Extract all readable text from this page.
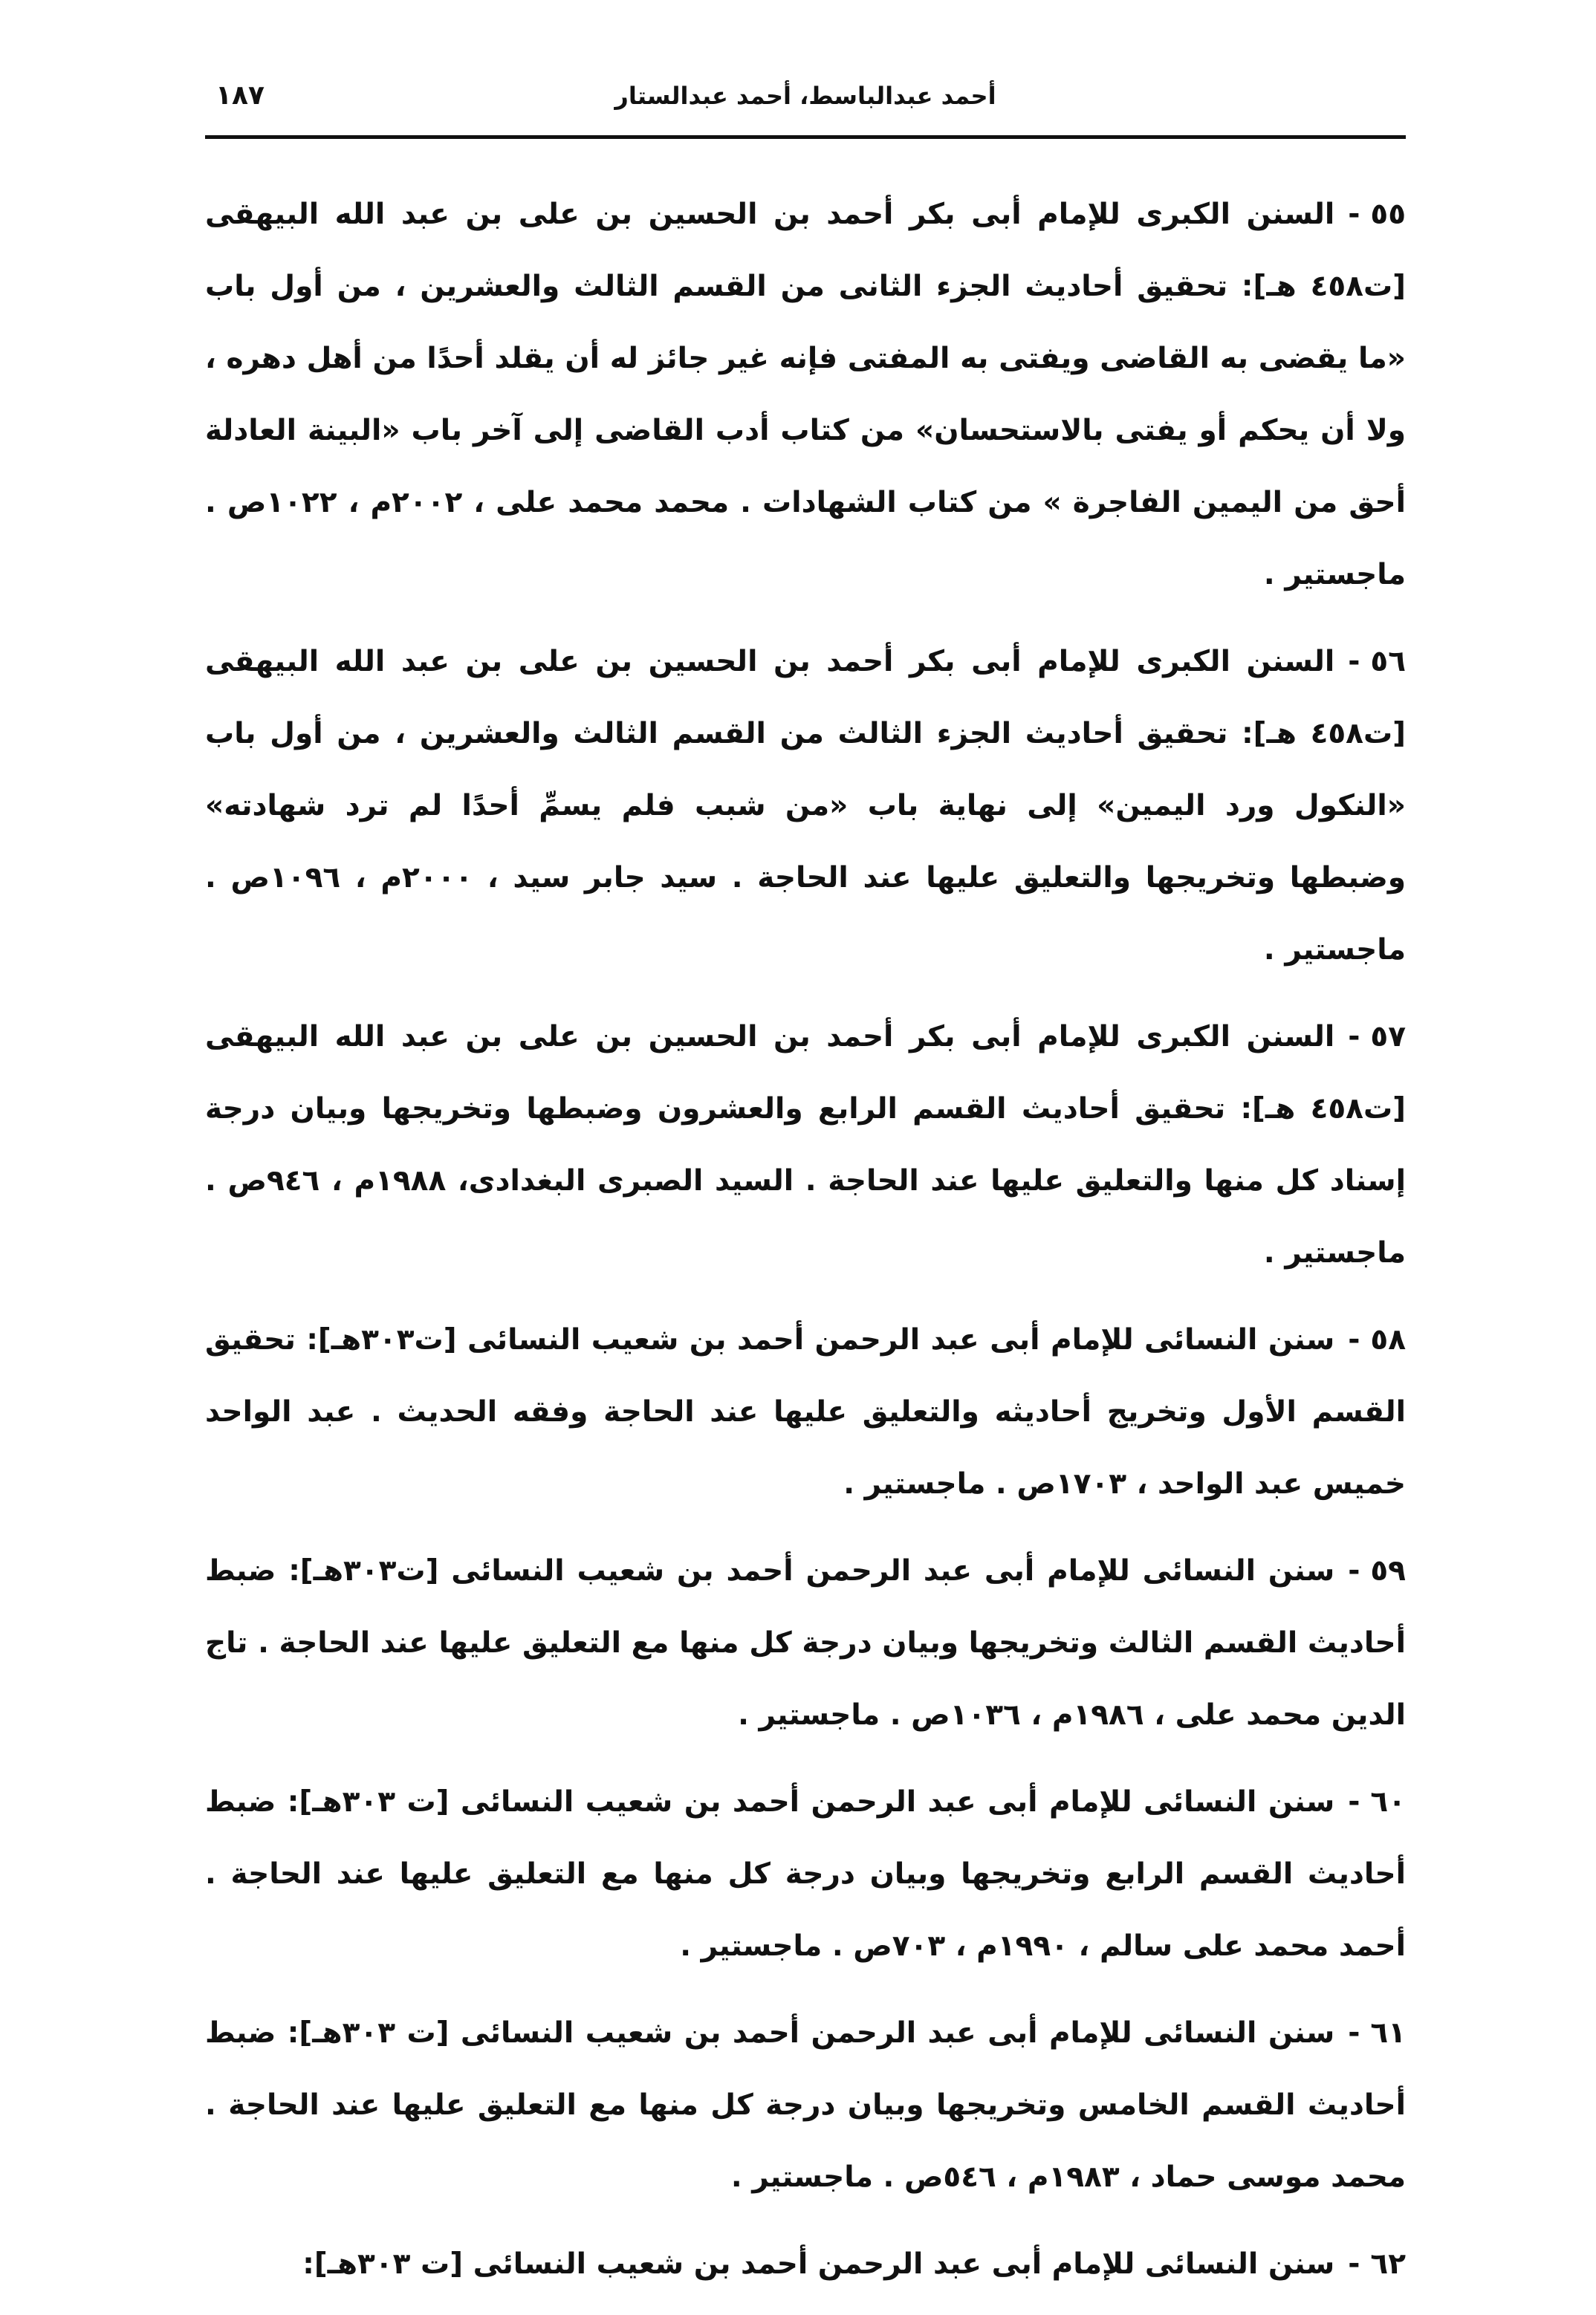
أحمد عبدالباسط، أحمد عبدالستار
١٨٧

٥٥-السنن الكبرى للإمام أبى بكر أحمد بن الحسين بن على بن عبد الله البيهقى [ت٤٥٨ هـ]: تحقيق أحاديث الجزء الثانى من القسم الثالث والعشرين ، من أول باب «ما يقضى به القاضى ويفتى به المفتى فإنه غير جائز له أن يقلد أحدًا من أهل دهره ، ولا أن يحكم أو يفتى بالاستحسان» من كتاب أدب القاضى إلى آخر باب «البينة العادلة أحق من اليمين الفاجرة » من كتاب الشهادات . محمد محمد على ، ٢٠٠٢م ، ١٠٢٢ص . ماجستير .

٥٦-السنن الكبرى للإمام أبى بكر أحمد بن الحسين بن على بن عبد الله البيهقى [ت٤٥٨ هـ]: تحقيق أحاديث الجزء الثالث من القسم الثالث والعشرين ، من أول باب «النكول ورد اليمين» إلى نهاية باب «من شبب فلم يسمِّ أحدًا لم ترد شهادته» وضبطها وتخريجها والتعليق عليها عند الحاجة . سيد جابر سيد ، ٢٠٠٠م ، ١٠٩٦ص . ماجستير .

٥٧-السنن الكبرى للإمام أبى بكر أحمد بن الحسين بن على بن عبد الله البيهقى [ت٤٥٨ هـ]: تحقيق أحاديث القسم الرابع والعشرون وضبطها وتخريجها وبيان درجة إسناد كل منها والتعليق عليها عند الحاجة . السيد الصبرى البغدادى، ١٩٨٨م ، ٩٤٦ص . ماجستير .

٥٨-سنن النسائى للإمام أبى عبد الرحمن أحمد بن شعيب النسائى [ت٣٠٣هـ]: تحقيق القسم الأول وتخريج أحاديثه والتعليق عليها عند الحاجة وفقه الحديث . عبد الواحد خميس عبد الواحد ، ١٧٠٣ص . ماجستير .

٥٩-سنن النسائى للإمام أبى عبد الرحمن أحمد بن شعيب النسائى [ت٣٠٣هـ]: ضبط أحاديث القسم الثالث وتخريجها وبيان درجة كل منها مع التعليق عليها عند الحاجة . تاج الدين محمد على ، ١٩٨٦م ، ١٠٣٦ص . ماجستير .

٦٠-سنن النسائى للإمام أبى عبد الرحمن أحمد بن شعيب النسائى [ت ٣٠٣هـ]: ضبط أحاديث القسم الرابع وتخريجها وبيان درجة كل منها مع التعليق عليها عند الحاجة . أحمد محمد على سالم ، ١٩٩٠م ، ٧٠٣ص . ماجستير .

٦١-سنن النسائى للإمام أبى عبد الرحمن أحمد بن شعيب النسائى [ت ٣٠٣هـ]: ضبط أحاديث القسم الخامس وتخريجها وبيان درجة كل منها مع التعليق عليها عند الحاجة . محمد موسى حماد ، ١٩٨٣م ، ٥٤٦ص . ماجستير .

٦٢-سنن النسائى للإمام أبى عبد الرحمن أحمد بن شعيب النسائى [ت ٣٠٣هـ]:
